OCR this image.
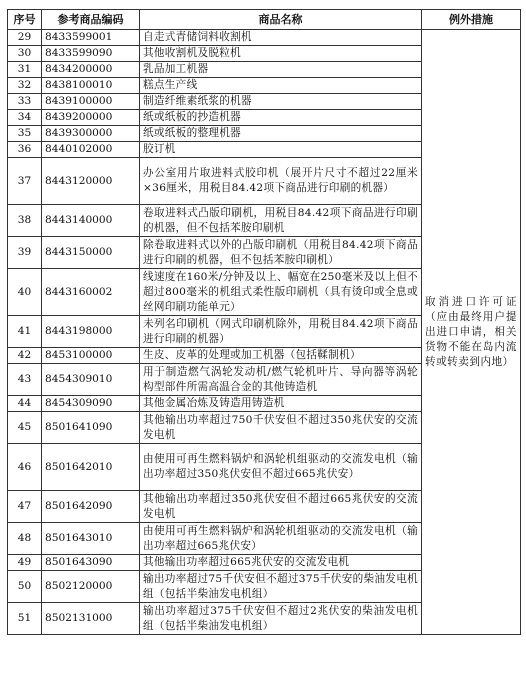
序号	参考商品编码	商品名称	例外措施
29	8433599001	自走式青储饲料收割机	取消进口许可证（应由最终用户提出进口申请，相关货物不能在岛内流转或转卖到内地）
30	8433599090	其他收割机及脱粒机	
31	8434200000	乳品加工机器	
32	8438100010	糕点生产线	
33	8439100000	制造纤维素纸浆的机器	
34	8439200000	纸或纸板的抄造机器	
35	8439300000	纸或纸板的整理机器	
36	8440102000	胶订机	
37	8443120000	办公室用片取进料式胶印机（展开片尺寸不超过22厘米×36厘米，用税目84.42项下商品进行印刷的机器）	
38	8443140000	卷取进料式凸版印刷机，用税目84.42项下商品进行印刷的机器，但不包括苯胺印刷机	
39	8443150000	除卷取进料式以外的凸版印刷机（用税目84.42项下商品进行印刷的机器，但不包括苯胺印刷机）	
40	8443160002	线速度在160米/分钟及以上、幅宽在250毫米及以上但不超过800毫米的机组式柔性版印刷机（具有烫印或全息或丝网印刷功能单元）	
41	8443198000	未列名印刷机（网式印刷机除外，用税目84.42项下商品进行印刷的机器）	
42	8453100000	生皮、皮革的处理或加工机器（包括鞣制机）	
43	8454309010	用于制造燃气涡轮发动机/燃气轮机叶片、导向器等涡轮构型部件所需高温合金的其他铸造机	
44	8454309090	其他金属冶炼及铸造用铸造机	
45	8501641090	其他输出功率超过750千伏安但不超过350兆伏安的交流发电机	
46	8501642010	由使用可再生燃料锅炉和涡轮机组驱动的交流发电机（输出功率超过350兆伏安但不超过665兆伏安）	
47	8501642090	其他输出功率超过350兆伏安但不超过665兆伏安的交流发电机	
48	8501643010	由使用可再生燃料锅炉和涡轮机组驱动的交流发电机（输出功率超过665兆伏安）	
49	8501643090	其他输出功率超过665兆伏安的交流发电机	
50	8502120000	输出功率超过75千伏安但不超过375千伏安的柴油发电机组（包括半柴油发电机组）	
51	8502131000	输出功率超过375千伏安但不超过2兆伏安的柴油发电机组（包括半柴油发电机组）	
